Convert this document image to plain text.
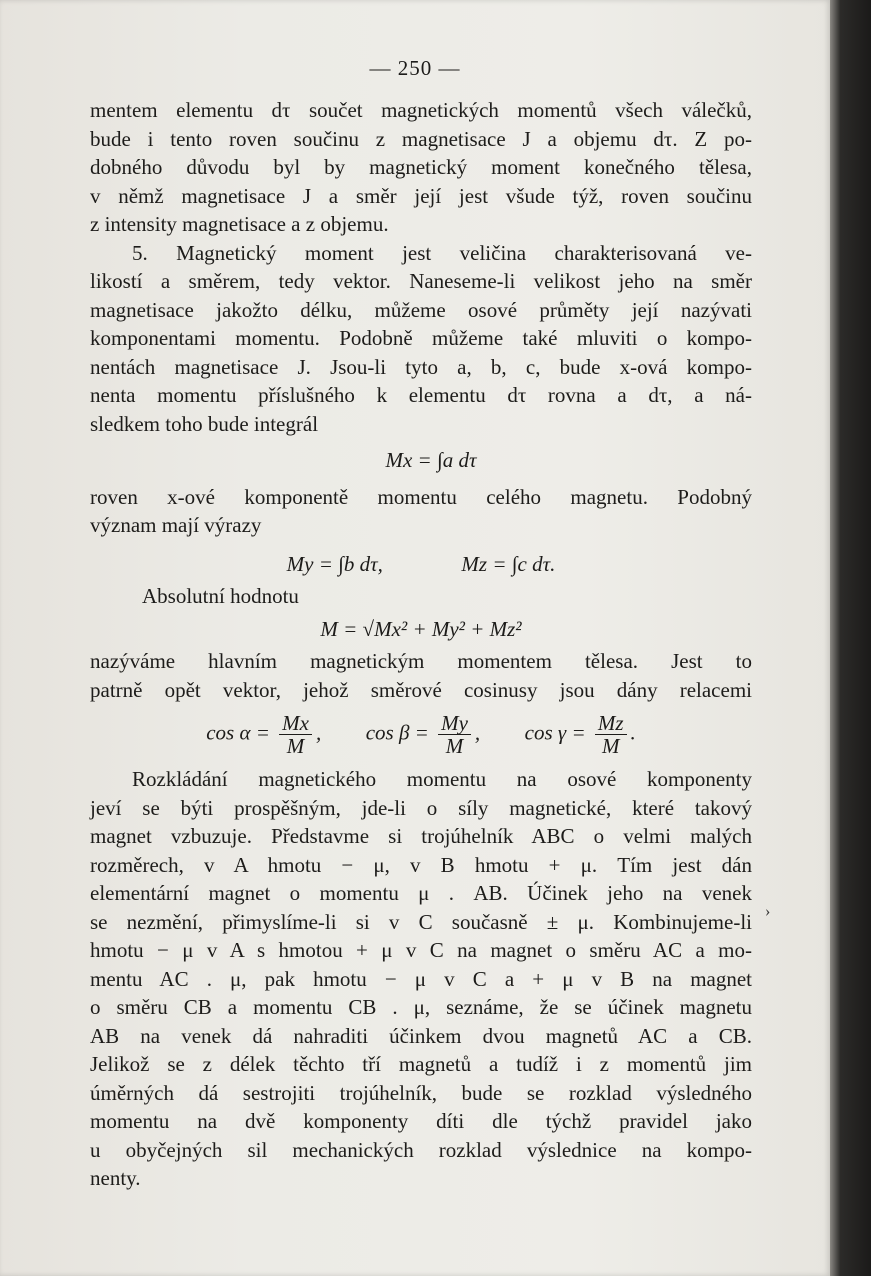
— 250 —
mentem elementu dτ součet magnetických momentů všech válečků,
bude i tento roven součinu z magnetisace J a objemu dτ. Z po-
dobného důvodu byl by magnetický moment konečného tělesa,
v němž magnetisace J a směr její jest všude týž, roven součinu
z intensity magnetisace a z objemu.
5. Magnetický moment jest veličina charakterisovaná ve-
likostí a směrem, tedy vektor. Naneseme-li velikost jeho na směr
magnetisace jakožto délku, můžeme osové průměty její nazývati
komponentami momentu. Podobně můžeme také mluviti o kompo-
nentách magnetisace J. Jsou-li tyto a, b, c, bude x-ová kompo-
nenta momentu příslušného k elementu dτ rovna a dτ, a ná-
sledkem toho bude integrál
Mx = ∫a dτ
roven x-ové komponentě momentu celého magnetu. Podobný
význam mají výrazy
My = ∫b dτ,	Mz = ∫c dτ.
Absolutní hodnotu
M = √Mx² + My² + Mz²
nazýváme hlavním magnetickým momentem tělesa. Jest to
patrně opět vektor, jehož směrové cosinusy jsou dány relacemi
$\cos \alpha = \frac{Mx}{M}$ ,  $\cos \beta = \frac{My}{M}$ ,  $\cos \gamma = \frac{Mz}{M}$ .
Rozkládání magnetického momentu na osové komponenty
jeví se býti prospěšným, jde-li o síly magnetické, které takový
magnet vzbuzuje. Představme si trojúhelník ABC o velmi malých
rozměrech, v A hmotu − μ, v B hmotu + μ. Tím jest dán
elementární magnet o momentu μ . AB. Účinek jeho na venek
se nezmění, přimyslíme-li si v C současně ± μ. Kombinujeme-li
hmotu − μ v A s hmotou + μ v C na magnet o směru AC a mo-
mentu AC . μ, pak hmotu − μ v C a + μ v B na magnet
o směru CB a momentu CB . μ, seznáme, že se účinek magnetu
AB na venek dá nahraditi účinkem dvou magnetů AC a CB.
Jelikož se z délek těchto tří magnetů a tudíž i z momentů jim
úměrných dá sestrojiti trojúhelník, bude se rozklad výsledného
momentu na dvě komponenty díti dle týchž pravidel jako
u obyčejných sil mechanických rozklad výslednice na kompo-
nenty.
›
